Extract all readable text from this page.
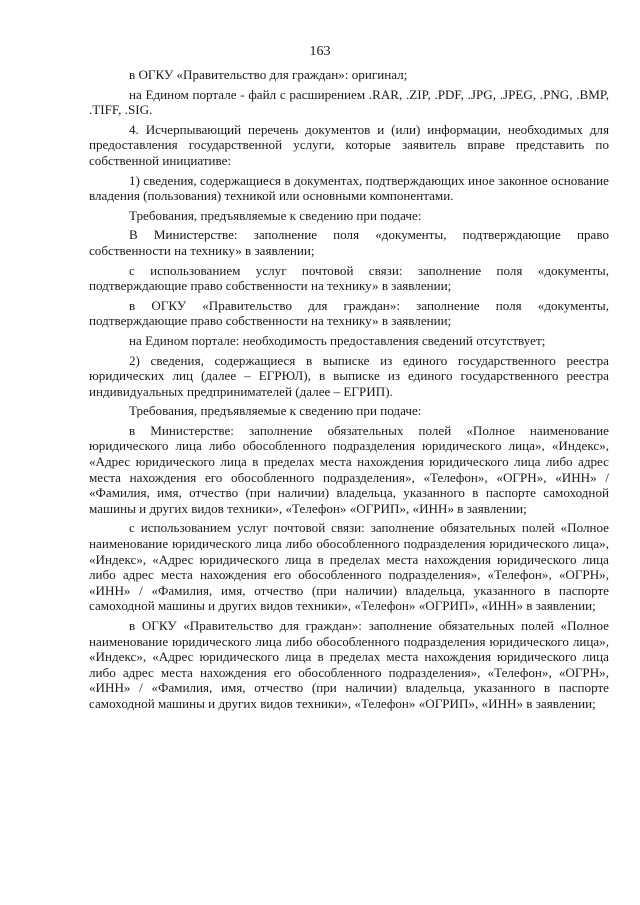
163

в ОГКУ «Правительство для граждан»: оригинал;

на Едином портале - файл с расширением .RAR, .ZIP, .PDF, .JPG, .JPEG, .PNG, .BMP, .TIFF, .SIG.

4. Исчерпывающий перечень документов и (или) информации, необходимых для предоставления государственной услуги, которые заявитель вправе представить по собственной инициативе:

1) сведения, содержащиеся в документах, подтверждающих иное законное основание владения (пользования) техникой или основными компонентами.

Требования, предъявляемые к сведению при подаче:

В Министерстве: заполнение поля «документы, подтверждающие право собственности на технику» в заявлении;

с использованием услуг почтовой связи: заполнение поля «документы, подтверждающие право собственности на технику» в заявлении;

в ОГКУ «Правительство для граждан»: заполнение поля «документы, подтверждающие право собственности на технику» в заявлении;

на Едином портале: необходимость предоставления сведений отсутствует;

2) сведения, содержащиеся в выписке из единого государственного реестра юридических лиц (далее – ЕГРЮЛ), в выписке из единого государственного реестра индивидуальных предпринимателей (далее – ЕГРИП).

Требования, предъявляемые к сведению при подаче:

в Министерстве: заполнение обязательных полей «Полное наименование юридического лица либо обособленного подразделения юридического лица», «Индекс», «Адрес юридического лица в пределах места нахождения юридического лица либо адрес места нахождения его обособленного подразделения», «Телефон», «ОГРН», «ИНН» / «Фамилия, имя, отчество (при наличии) владельца, указанного в паспорте самоходной машины и других видов техники», «Телефон» «ОГРИП», «ИНН» в заявлении;

с использованием услуг почтовой связи: заполнение обязательных полей «Полное наименование юридического лица либо обособленного подразделения юридического лица», «Индекс», «Адрес юридического лица в пределах места нахождения юридического лица либо адрес места нахождения его обособленного подразделения», «Телефон», «ОГРН», «ИНН» / «Фамилия, имя, отчество (при наличии) владельца, указанного в паспорте самоходной машины и других видов техники», «Телефон» «ОГРИП», «ИНН» в заявлении;

в ОГКУ «Правительство для граждан»: заполнение обязательных полей «Полное наименование юридического лица либо обособленного подразделения юридического лица», «Индекс», «Адрес юридического лица в пределах места нахождения юридического лица либо адрес места нахождения его обособленного подразделения», «Телефон», «ОГРН», «ИНН» / «Фамилия, имя, отчество (при наличии) владельца, указанного в паспорте самоходной машины и других видов техники», «Телефон» «ОГРИП», «ИНН» в заявлении;
